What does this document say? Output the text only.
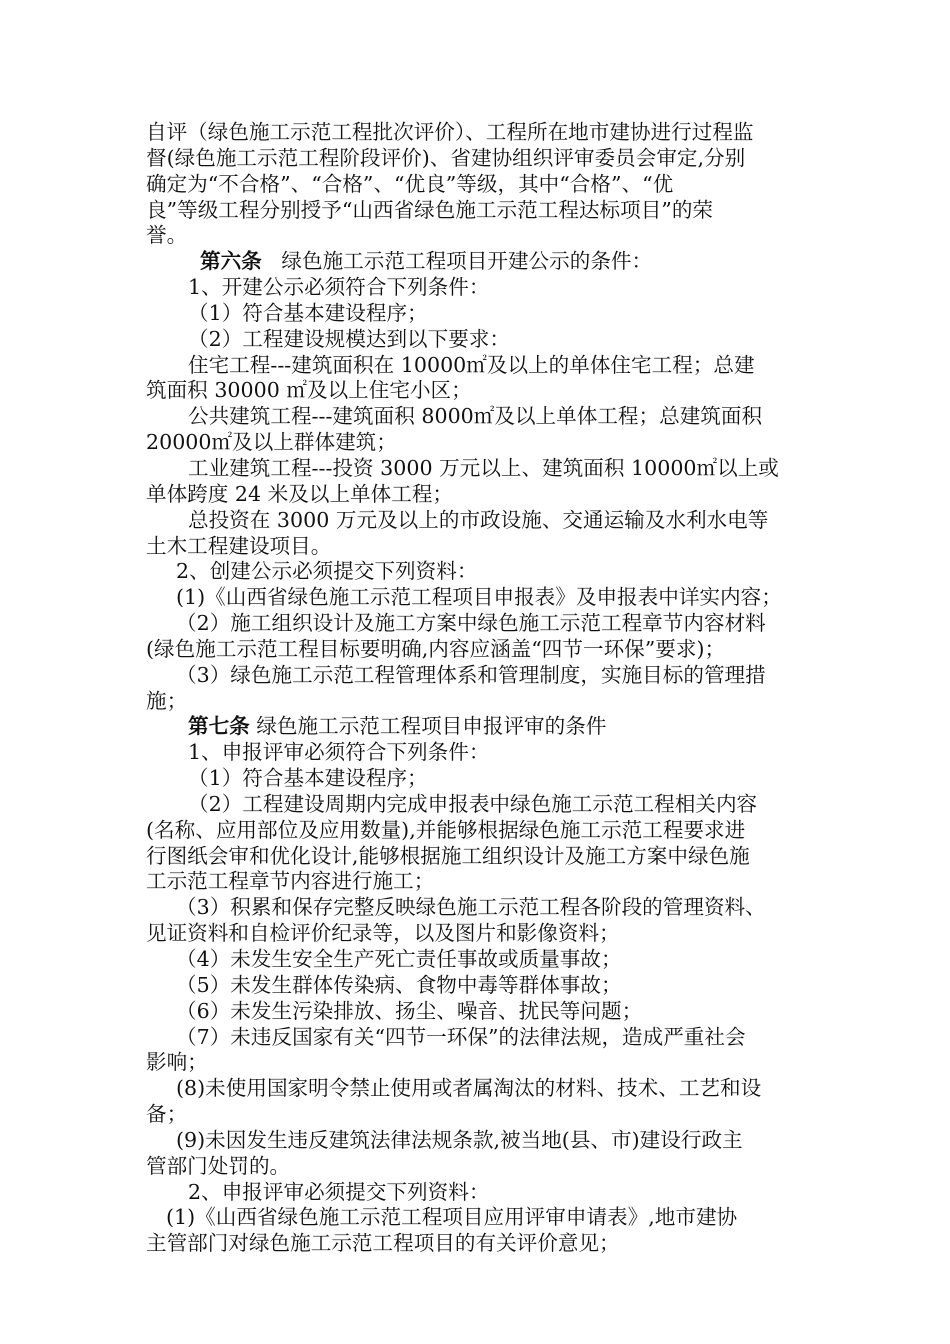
自评（绿色施工示范工程批次评价）、工程所在地市建协进行过程监
督(绿色施工示范工程阶段评价)、省建协组织评审委员会审定,分别
确定为“不合格”、“合格”、“优良”等级，其中“合格”、“优
良”等级工程分别授予“山西省绿色施工示范工程达标项目”的荣
誉。
第六条   绿色施工示范工程项目开建公示的条件：
1、开建公示必须符合下列条件：
（1）符合基本建设程序；
（2）工程建设规模达到以下要求：
住宅工程---建筑面积在 10000㎡及以上的单体住宅工程；总建
筑面积 30000 ㎡及以上住宅小区；
公共建筑工程---建筑面积 8000㎡及以上单体工程；总建筑面积
20000㎡及以上群体建筑；
工业建筑工程---投资 3000 万元以上、建筑面积 10000㎡以上或
单体跨度 24 米及以上单体工程；
总投资在 3000 万元及以上的市政设施、交通运输及水利水电等
土木工程建设项目。
2、创建公示必须提交下列资料：
(1)《山西省绿色施工示范工程项目申报表》及申报表中详实内容；
（2）施工组织设计及施工方案中绿色施工示范工程章节内容材料
(绿色施工示范工程目标要明确,内容应涵盖“四节一环保”要求)；
（3）绿色施工示范工程管理体系和管理制度，实施目标的管理措
施；
第七条 绿色施工示范工程项目申报评审的条件
1、申报评审必须符合下列条件：
（1）符合基本建设程序；
（2）工程建设周期内完成申报表中绿色施工示范工程相关内容
(名称、应用部位及应用数量),并能够根据绿色施工示范工程要求进
行图纸会审和优化设计,能够根据施工组织设计及施工方案中绿色施
工示范工程章节内容进行施工；
（3）积累和保存完整反映绿色施工示范工程各阶段的管理资料、
见证资料和自检评价纪录等，以及图片和影像资料；
（4）未发生安全生产死亡责任事故或质量事故；
（5）未发生群体传染病、食物中毒等群体事故；
（6）未发生污染排放、扬尘、噪音、扰民等问题；
（7）未违反国家有关“四节一环保”的法律法规，造成严重社会
影响；
(8)未使用国家明令禁止使用或者属淘汰的材料、技术、工艺和设
备；
(9)未因发生违反建筑法律法规条款,被当地(县、市)建设行政主
管部门处罚的。
2、申报评审必须提交下列资料：
(1)《山西省绿色施工示范工程项目应用评审申请表》,地市建协
主管部门对绿色施工示范工程项目的有关评价意见；
